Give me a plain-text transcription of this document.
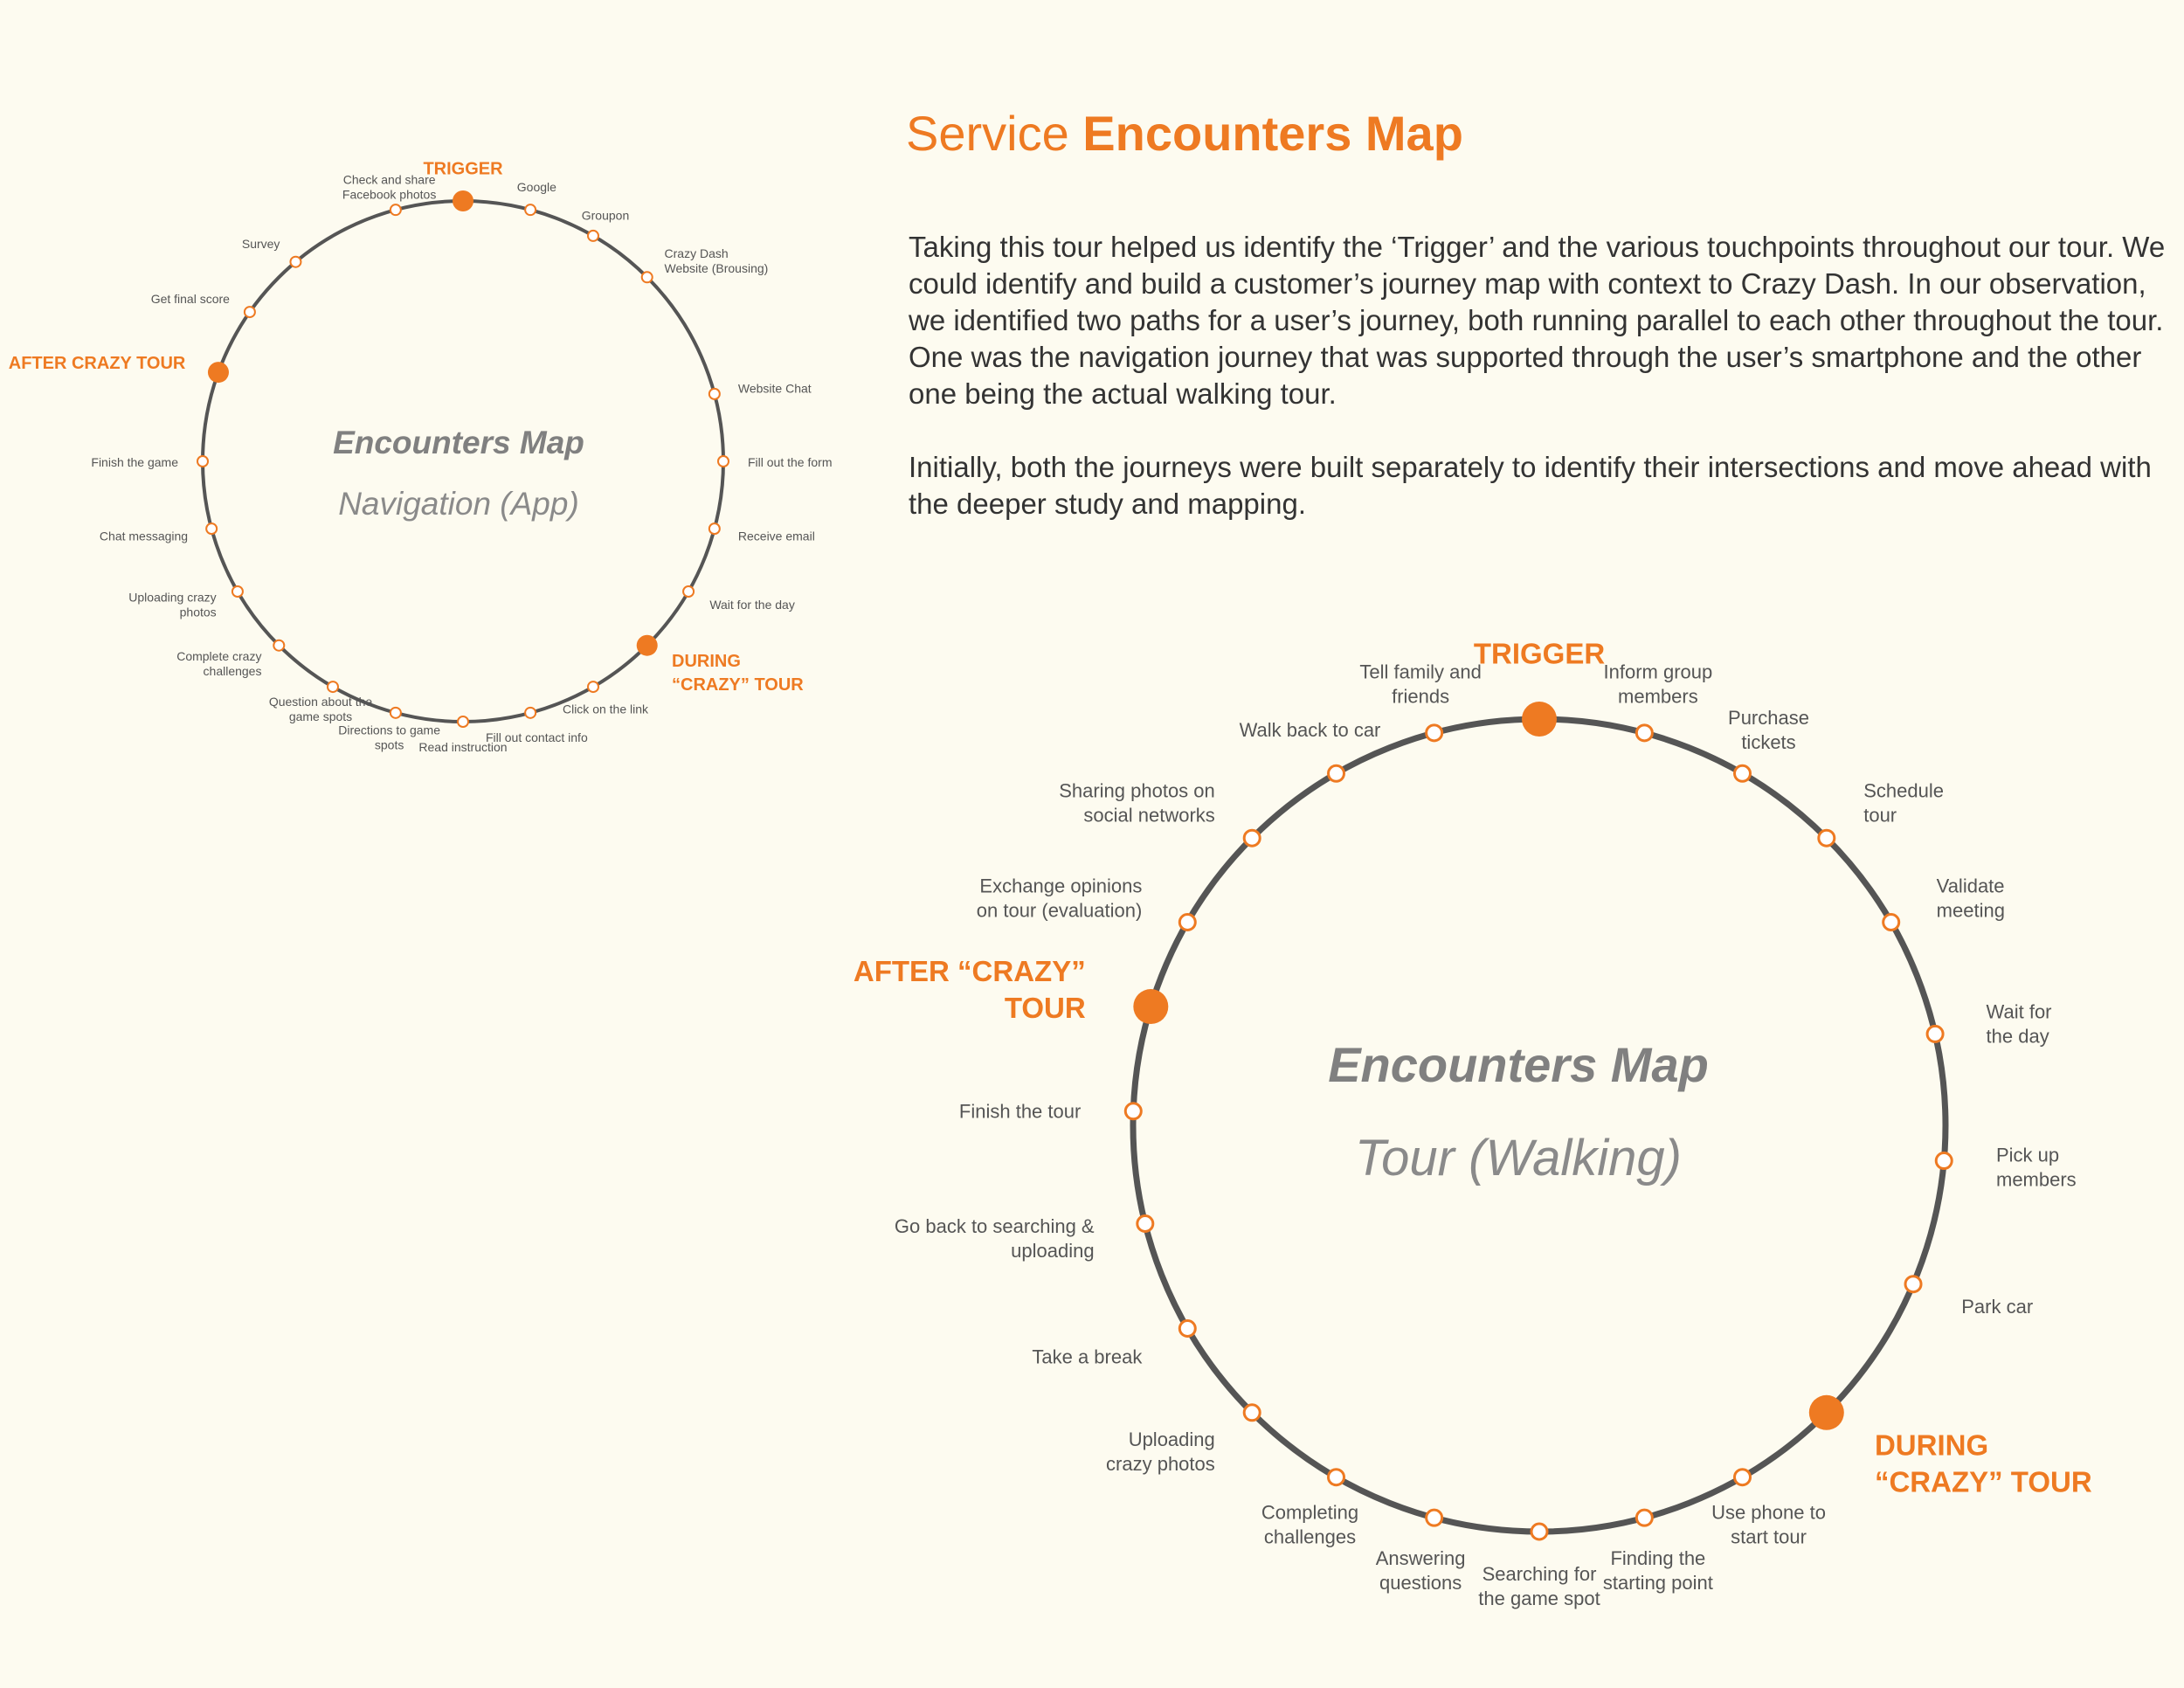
Service Encounters Map

Taking this tour helped us identify the ‘Trigger’ and the various touchpoints throughout our tour. We could identify and build a customer’s journey map with context to Crazy Dash. In our observation, we identified two paths for a user’s journey, both running parallel to each other throughout the tour. One was the navigation journey that was supported through the user’s smartphone and the other one being the actual walking tour.

Initially, both the journeys were built separately to identify their intersections and move ahead with the deeper study and mapping.

Encounters Map
Navigation (App)
TRIGGER
Google
Groupon
Crazy Dash Website (Brousing)
Website Chat
Fill out the form
Receive email
Wait for the day
DURING “CRAZY” TOUR
Click on the link
Fill out contact info
Read instruction
Directions to game spots
Question about the game spots
Complete crazy challenges
Uploading crazy photos
Chat messaging
Finish the game
AFTER CRAZY TOUR
Get final score
Survey
Check and share Facebook photos
Encounters Map
Tour (Walking)
TRIGGER
Inform group members
Purchase tickets
Schedule tour
Validate meeting
Wait for the day
Pick up members
Park car
DURING “CRAZY” TOUR
Use phone to start tour
Finding the starting point
Searching for the game spot
Answering questions
Completing challenges
Uploading crazy photos
Take a break
Go back to searching & uploading
Finish the tour
AFTER “CRAZY” TOUR
Exchange opinions on tour (evaluation)
Sharing photos on social networks
Walk back to car
Tell family and friends
